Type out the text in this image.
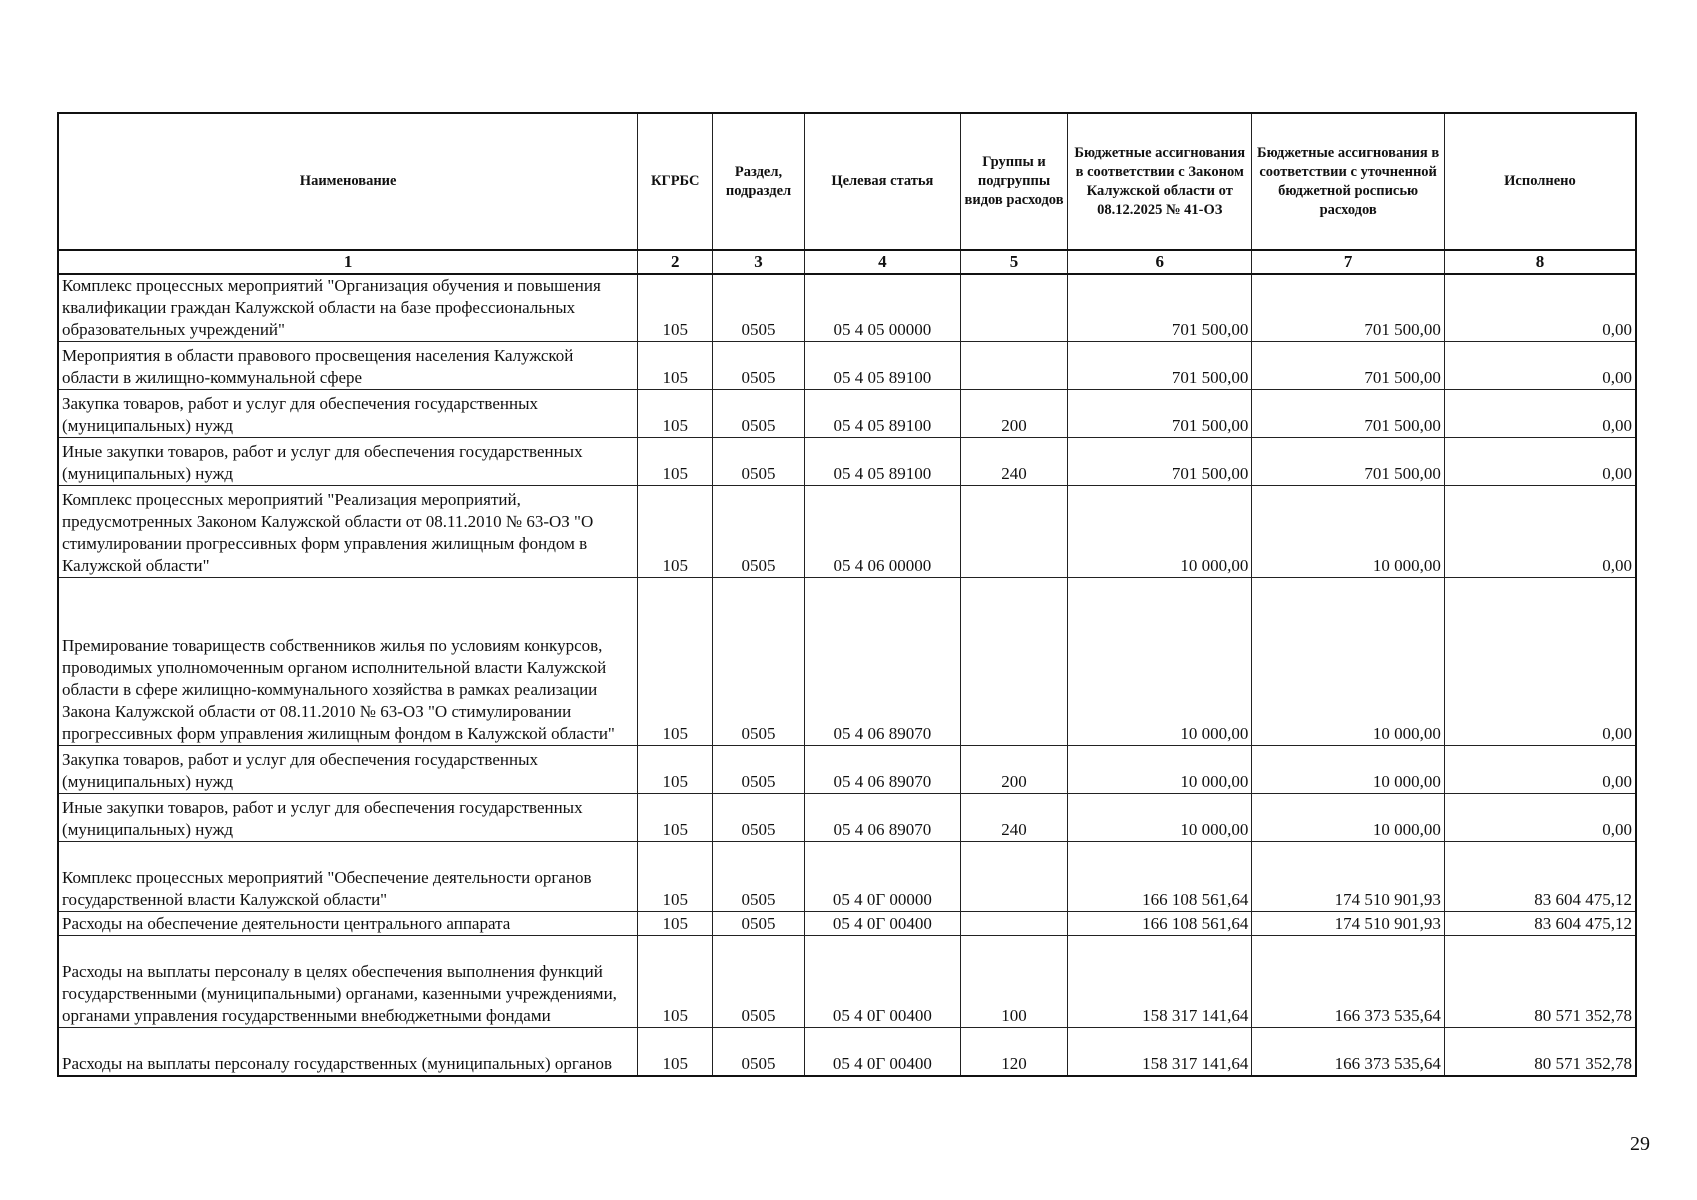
Наименование	КГРБС	Раздел, подраздел	Целевая статья	Группы и подгруппы видов расходов	Бюджетные ассигнования в соответствии с Законом Калужской области от 08.12.2025 № 41-ОЗ	Бюджетные ассигнования в соответствии с уточненной бюджетной росписью расходов	Исполнено
1	2	3	4	5	6	7	8
Комплекс процессных мероприятий "Организация обучения и повышения квалификации граждан Калужской области на базе профессиональных образовательных учреждений"	105	0505	05 4 05 00000		701 500,00	701 500,00	0,00
Мероприятия в области правового просвещения населения Калужской области в жилищно-коммунальной сфере	105	0505	05 4 05 89100		701 500,00	701 500,00	0,00
Закупка товаров, работ и услуг для обеспечения государственных (муниципальных) нужд	105	0505	05 4 05 89100	200	701 500,00	701 500,00	0,00
Иные закупки товаров, работ и услуг для обеспечения государственных (муниципальных) нужд	105	0505	05 4 05 89100	240	701 500,00	701 500,00	0,00
Комплекс процессных мероприятий "Реализация мероприятий, предусмотренных Законом Калужской области от 08.11.2010 № 63-ОЗ "О стимулировании прогрессивных форм управления жилищным фондом в Калужской области"	105	0505	05 4 06 00000		10 000,00	10 000,00	0,00
Премирование товариществ собственников жилья по условиям конкурсов, проводимых уполномоченным органом исполнительной власти Калужской области в сфере жилищно-коммунального хозяйства в рамках реализации Закона Калужской области от 08.11.2010 № 63-ОЗ "О стимулировании прогрессивных форм управления жилищным фондом в Калужской области"	105	0505	05 4 06 89070		10 000,00	10 000,00	0,00
Закупка товаров, работ и услуг для обеспечения государственных (муниципальных) нужд	105	0505	05 4 06 89070	200	10 000,00	10 000,00	0,00
Иные закупки товаров, работ и услуг для обеспечения государственных (муниципальных) нужд	105	0505	05 4 06 89070	240	10 000,00	10 000,00	0,00
Комплекс процессных мероприятий "Обеспечение деятельности органов государственной власти Калужской области"	105	0505	05 4 0Г 00000		166 108 561,64	174 510 901,93	83 604 475,12
Расходы на обеспечение деятельности центрального аппарата	105	0505	05 4 0Г 00400		166 108 561,64	174 510 901,93	83 604 475,12
Расходы на выплаты персоналу в целях обеспечения выполнения функций государственными (муниципальными) органами, казенными учреждениями, органами управления государственными внебюджетными фондами	105	0505	05 4 0Г 00400	100	158 317 141,64	166 373 535,64	80 571 352,78
Расходы на выплаты персоналу государственных (муниципальных) органов	105	0505	05 4 0Г 00400	120	158 317 141,64	166 373 535,64	80 571 352,78
29
